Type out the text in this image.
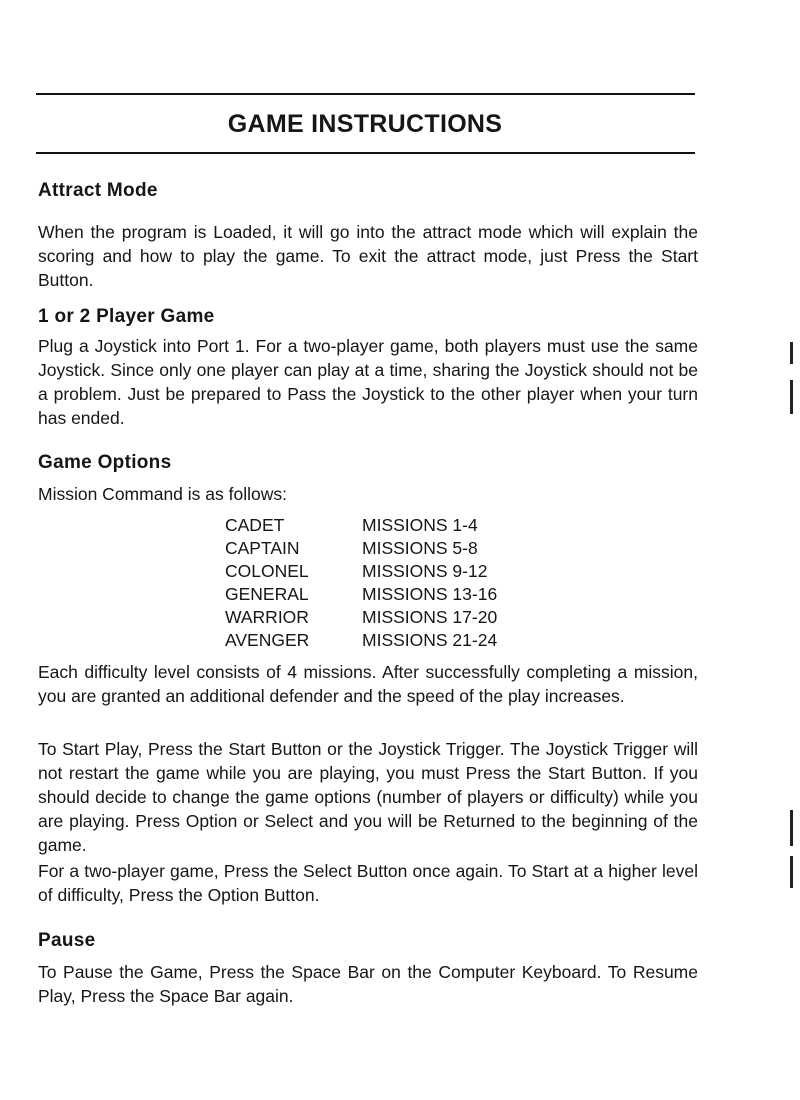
GAME INSTRUCTIONS
Attract Mode
When the program is Loaded, it will go into the attract mode which will explain the scoring and how to play the game. To exit the attract mode, just Press the Start Button.
1 or 2 Player Game
Plug a Joystick into Port 1. For a two-player game, both players must use the same Joystick. Since only one player can play at a time, sharing the Joystick should not be a problem. Just be prepared to Pass the Joystick to the other player when your turn has ended.
Game Options
Mission Command is as follows:
CADET	MISSIONS 1-4
CAPTAIN	MISSIONS 5-8
COLONEL	MISSIONS 9-12
GENERAL	MISSIONS 13-16
WARRIOR	MISSIONS 17-20
AVENGER	MISSIONS 21-24
Each difficulty level consists of 4 missions. After successfully completing a mission, you are granted an additional defender and the speed of the play increases.
To Start Play, Press the Start Button or the Joystick Trigger. The Joystick Trigger will not restart the game while you are playing, you must Press the Start Button. If you should decide to change the game options (number of players or difficulty) while you are playing. Press Option or Select and you will be Returned to the beginning of the game.
For a two-player game, Press the Select Button once again. To Start at a higher level of difficulty, Press the Option Button.
Pause
To Pause the Game, Press the Space Bar on the Computer Keyboard. To Resume Play, Press the Space Bar again.
